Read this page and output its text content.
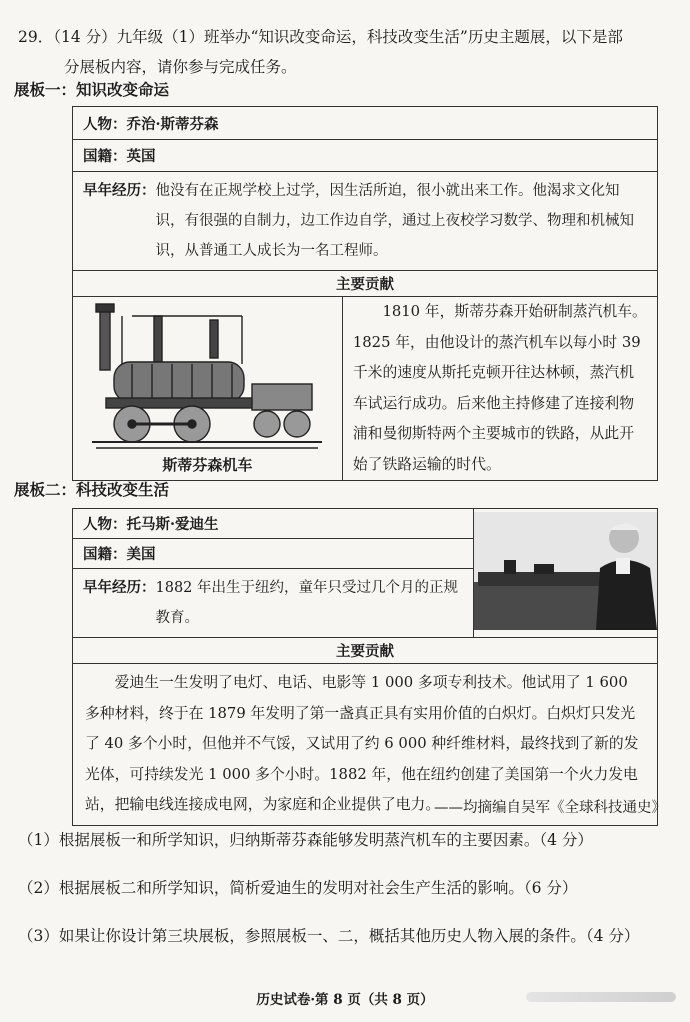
29．（14 分）九年级（1）班举办“知识改变命运，科技改变生活”历史主题展，以下是部
分展板内容，请你参与完成任务。
展板一：知识改变命运
人物：乔治·斯蒂芬森
国籍：英国

早年经历： 他没有在正规学校上过学，因生活所迫，很小就出来工作。他渴求文化知识，有很强的自制力，边工作边自学，通过上夜校学习数学、物理和机械知识，从普通工人成长为一名工程师。

主要贡献

斯蒂芬森机车

1810 年，斯蒂芬森开始研制蒸汽机车。1825 年，由他设计的蒸汽机车以每小时 39 千米的速度从斯托克顿开往达林顿，蒸汽机车试运行成功。后来他主持修建了连接利物浦和曼彻斯特两个主要城市的铁路，从此开始了铁路运输的时代。
展板二：科技改变生活
人物：托马斯·爱迪生	
国籍：美国

早年经历： 1882 年出生于纽约，童年只受过几个月的正规教育。

主要贡献

爱迪生一生发明了电灯、电话、电影等 1 000 多项专利技术。他试用了 1 600 多种材料，终于在 1879 年发明了第一盏真正具有实用价值的白炽灯。白炽灯只发光了 40 多个小时，但他并不气馁，又试用了约 6 000 种纤维材料，最终找到了新的发光体，可持续发光 1 000 多个小时。1882 年，他在纽约创建了美国第一个火力发电站，把输电线连接成电网，为家庭和企业提供了电力。
——均摘编自吴军《全球科技通史》
（1）根据展板一和所学知识，归纳斯蒂芬森能够发明蒸汽机车的主要因素。（4 分）
（2）根据展板二和所学知识，简析爱迪生的发明对社会生产生活的影响。（6 分）
（3）如果让你设计第三块展板，参照展板一、二，概括其他历史人物入展的条件。（4 分）
历史试卷·第 8 页（共 8 页）
